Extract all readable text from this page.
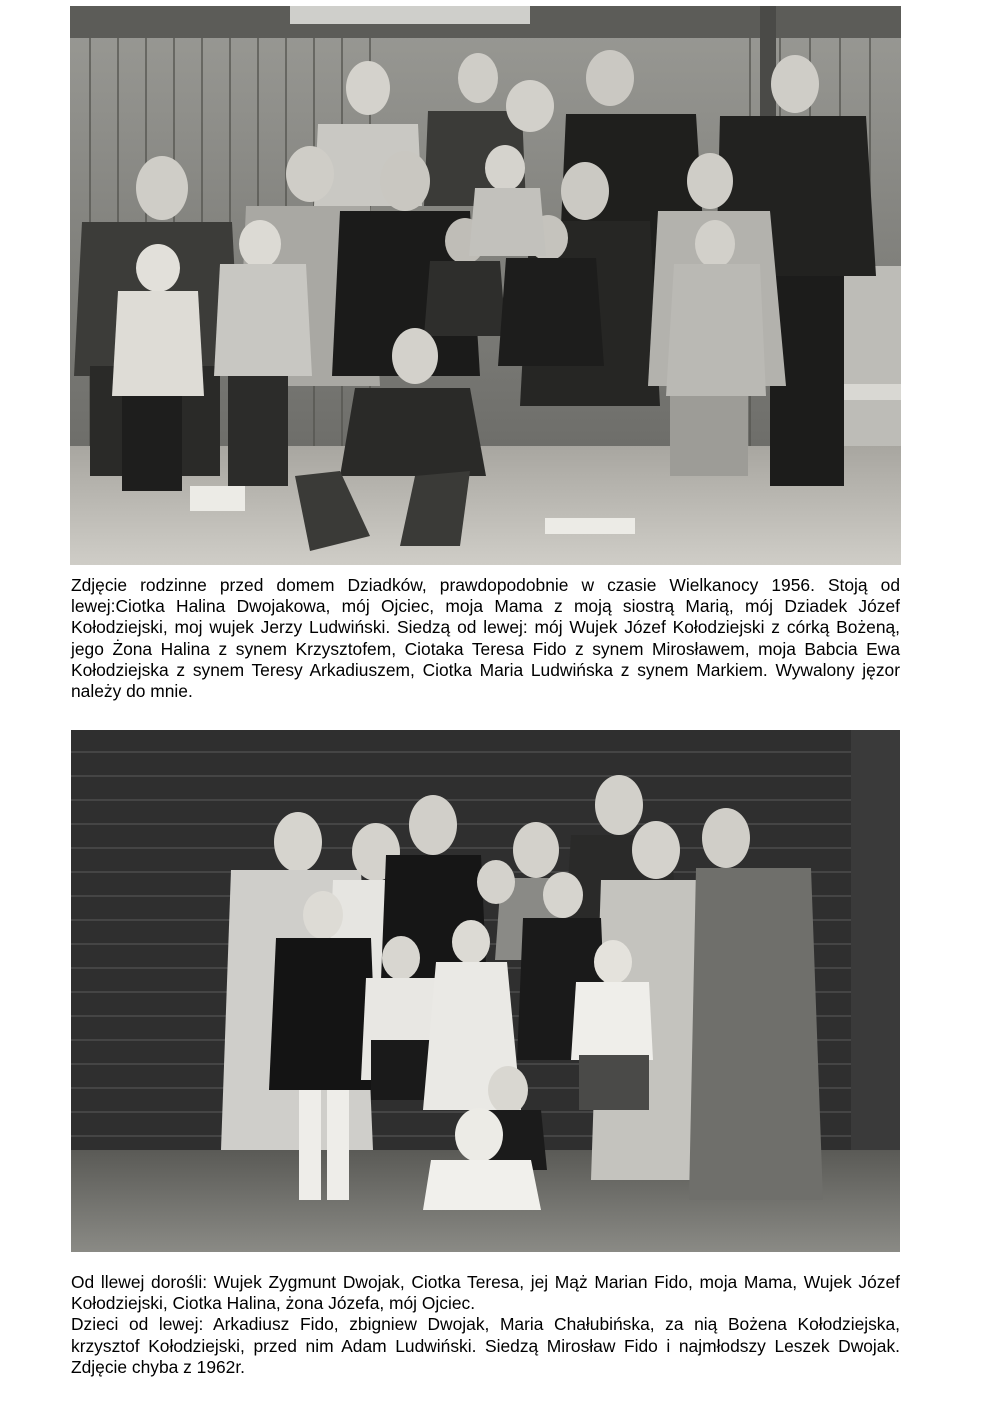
Zdjęcie rodzinne przed domem Dziadków, prawdopodobnie w czasie Wielkanocy 1956. Stoją od lewej:Ciotka Halina Dwojakowa, mój Ojciec, moja Mama z moją siostrą Marią, mój Dziadek Józef Kołodziejski, moj wujek Jerzy Ludwiński. Siedzą od lewej: mój Wujek Józef Kołodziejski z córką Bożeną, jego Żona Halina z synem Krzysztofem, Ciotaka Teresa Fido z synem Mirosławem, moja Babcia Ewa Kołodziejska z synem Teresy Arkadiuszem, Ciotka Maria Ludwińska z synem Markiem. Wywalony jęzor należy do mnie.

Od llewej dorośli: Wujek Zygmunt Dwojak, Ciotka Teresa, jej Mąż Marian Fido, moja Mama, Wujek Józef Kołodziejski, Ciotka Halina, żona Józefa, mój Ojciec.

Dzieci od lewej: Arkadiusz Fido, zbigniew Dwojak, Maria Chałubińska, za nią Bożena Kołodziejska, krzysztof Kołodziejski, przed nim Adam Ludwiński. Siedzą Mirosław Fido i najmłodszy Leszek Dwojak. Zdjęcie chyba z 1962r.
